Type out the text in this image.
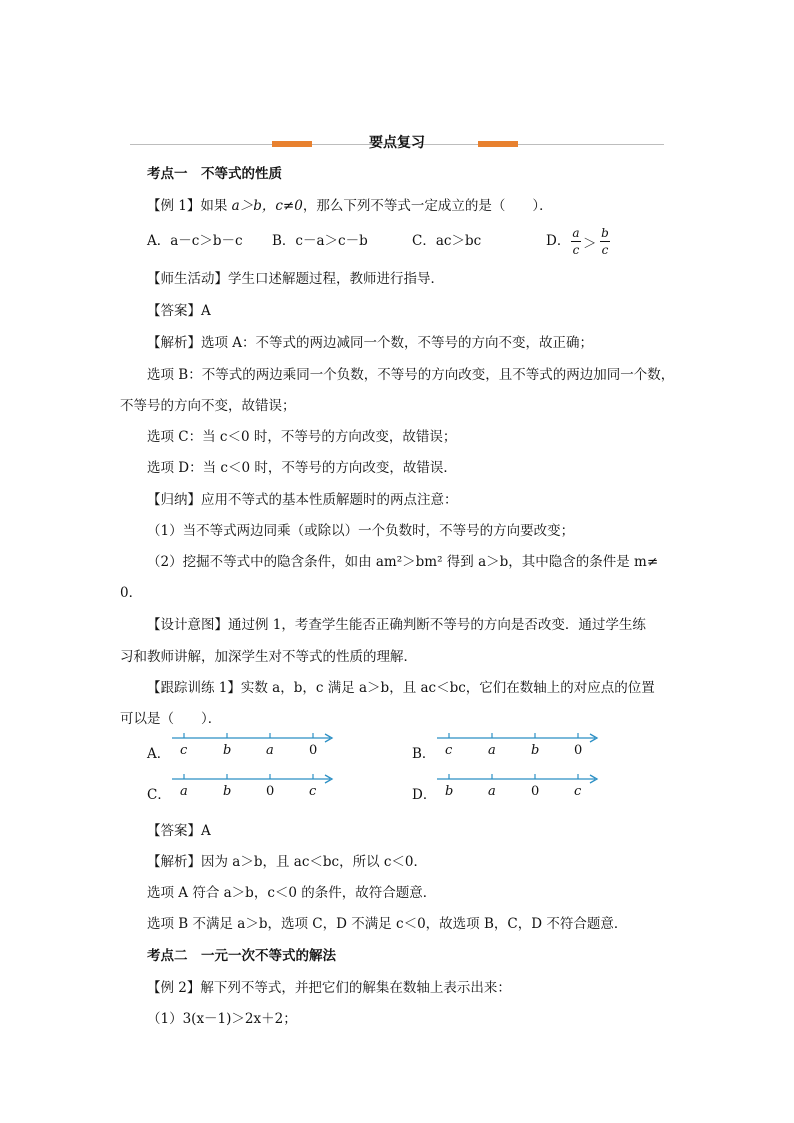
要点复习
考点一　不等式的性质
【例 1】如果 a＞b，c≠0，那么下列不等式一定成立的是（　　）．
A．a－c＞b－c B．c－a＞c－b	C．ac＞bc	D． a
c ＞
b
c
【师生活动】学生口述解题过程，教师进行指导．
【答案】A
【解析】选项 A：不等式的两边减同一个数，不等号的方向不变，故正确；
选项 B：不等式的两边乘同一个负数，不等号的方向改变，且不等式的两边加同一个数，
不等号的方向不变，故错误；
选项 C：当 c＜0 时，不等号的方向改变，故错误；
选项 D：当 c＜0 时，不等号的方向改变，故错误．
【归纳】应用不等式的基本性质解题时的两点注意：
（1）当不等式两边同乘（或除以）一个负数时，不等号的方向要改变；
（2）挖掘不等式中的隐含条件，如由 am²＞bm² 得到 a＞b，其中隐含的条件是 m≠
0．
【设计意图】通过例 1，考查学生能否正确判断不等号的方向是否改变．通过学生练
习和教师讲解，加深学生对不等式的性质的理解．
【跟踪训练 1】实数 a，b，c 满足 a＞b，且 ac＜bc，它们在数轴上的对应点的位置
可以是（　　）．
A． c	b	a	0	B． c	a	b	0
C． a	b	0	c	D． b	a	0	c
【答案】A
【解析】因为 a＞b，且 ac＜bc，所以 c＜0．
选项 A 符合 a＞b，c＜0 的条件，故符合题意．
选项 B 不满足 a＞b，选项 C，D 不满足 c＜0，故选项 B，C，D 不符合题意．
考点二　一元一次不等式的解法
【例 2】解下列不等式，并把它们的解集在数轴上表示出来：
（1）3(x－1)＞2x＋2；
